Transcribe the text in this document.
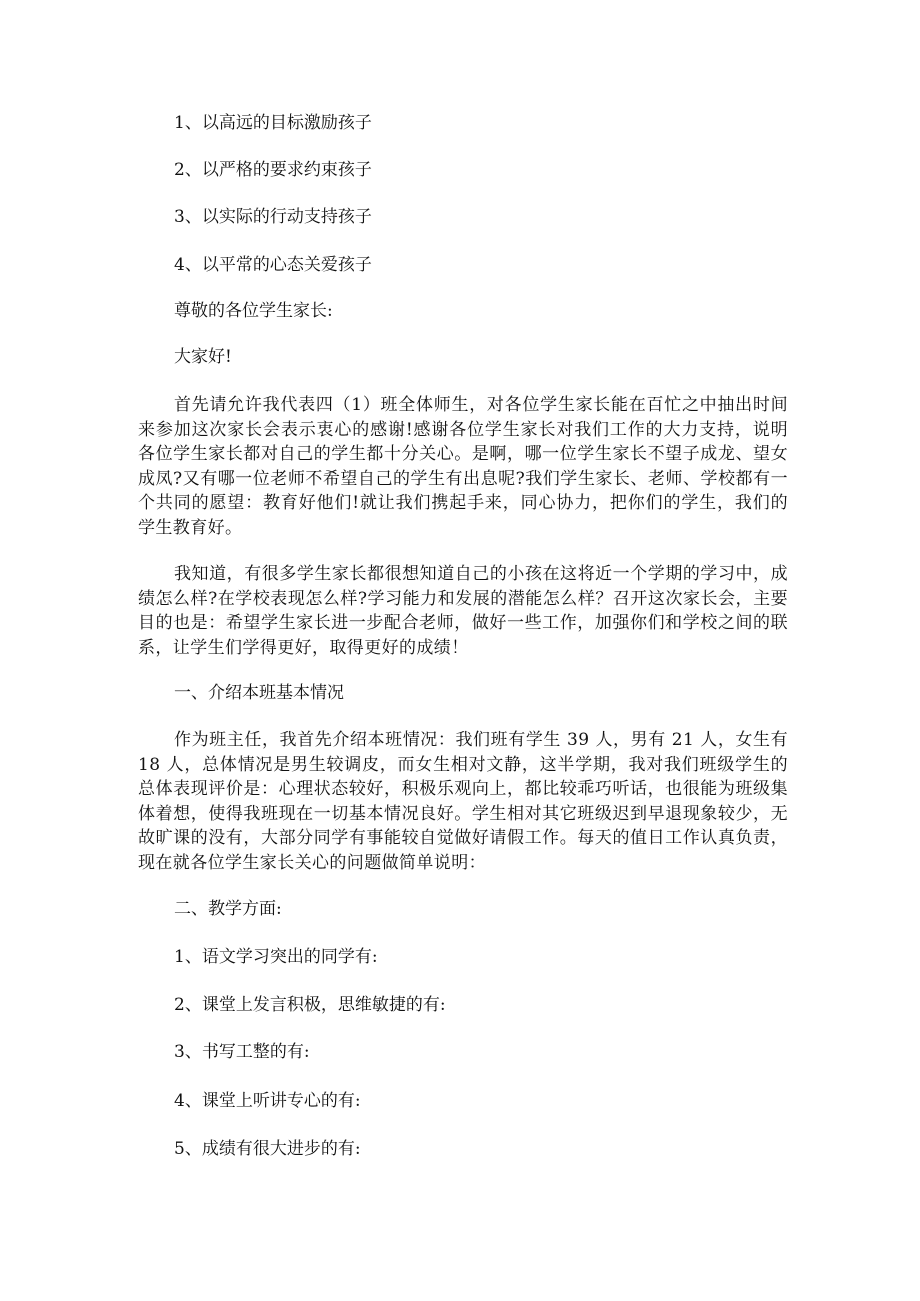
1、以高远的目标激励孩子
2、以严格的要求约束孩子
3、以实际的行动支持孩子
4、以平常的心态关爱孩子
尊敬的各位学生家长:
大家好!
首先请允许我代表四（1）班全体师生，对各位学生家长能在百忙之中抽出时间来参加这次家长会表示衷心的感谢!感谢各位学生家长对我们工作的大力支持，说明各位学生家长都对自己的学生都十分关心。是啊，哪一位学生家长不望子成龙、望女成凤?又有哪一位老师不希望自己的学生有出息呢?我们学生家长、老师、学校都有一个共同的愿望：教育好他们!就让我们携起手来，同心协力，把你们的学生，我们的学生教育好。
我知道，有很多学生家长都很想知道自己的小孩在这将近一个学期的学习中，成绩怎么样?在学校表现怎么样?学习能力和发展的潜能怎么样？召开这次家长会，主要目的也是：希望学生家长进一步配合老师，做好一些工作，加强你们和学校之间的联系，让学生们学得更好，取得更好的成绩！
一、介绍本班基本情况
作为班主任，我首先介绍本班情况：我们班有学生 39 人，男有 21 人，女生有 18 人，总体情况是男生较调皮，而女生相对文静，这半学期，我对我们班级学生的总体表现评价是：心理状态较好，积极乐观向上，都比较乖巧听话，也很能为班级集体着想，使得我班现在一切基本情况良好。学生相对其它班级迟到早退现象较少，无故旷课的没有，大部分同学有事能较自觉做好请假工作。每天的值日工作认真负责，现在就各位学生家长关心的问题做简单说明：
二、教学方面:
1、语文学习突出的同学有:
2、课堂上发言积极，思维敏捷的有:
3、书写工整的有:
4、课堂上听讲专心的有:
5、成绩有很大进步的有:
